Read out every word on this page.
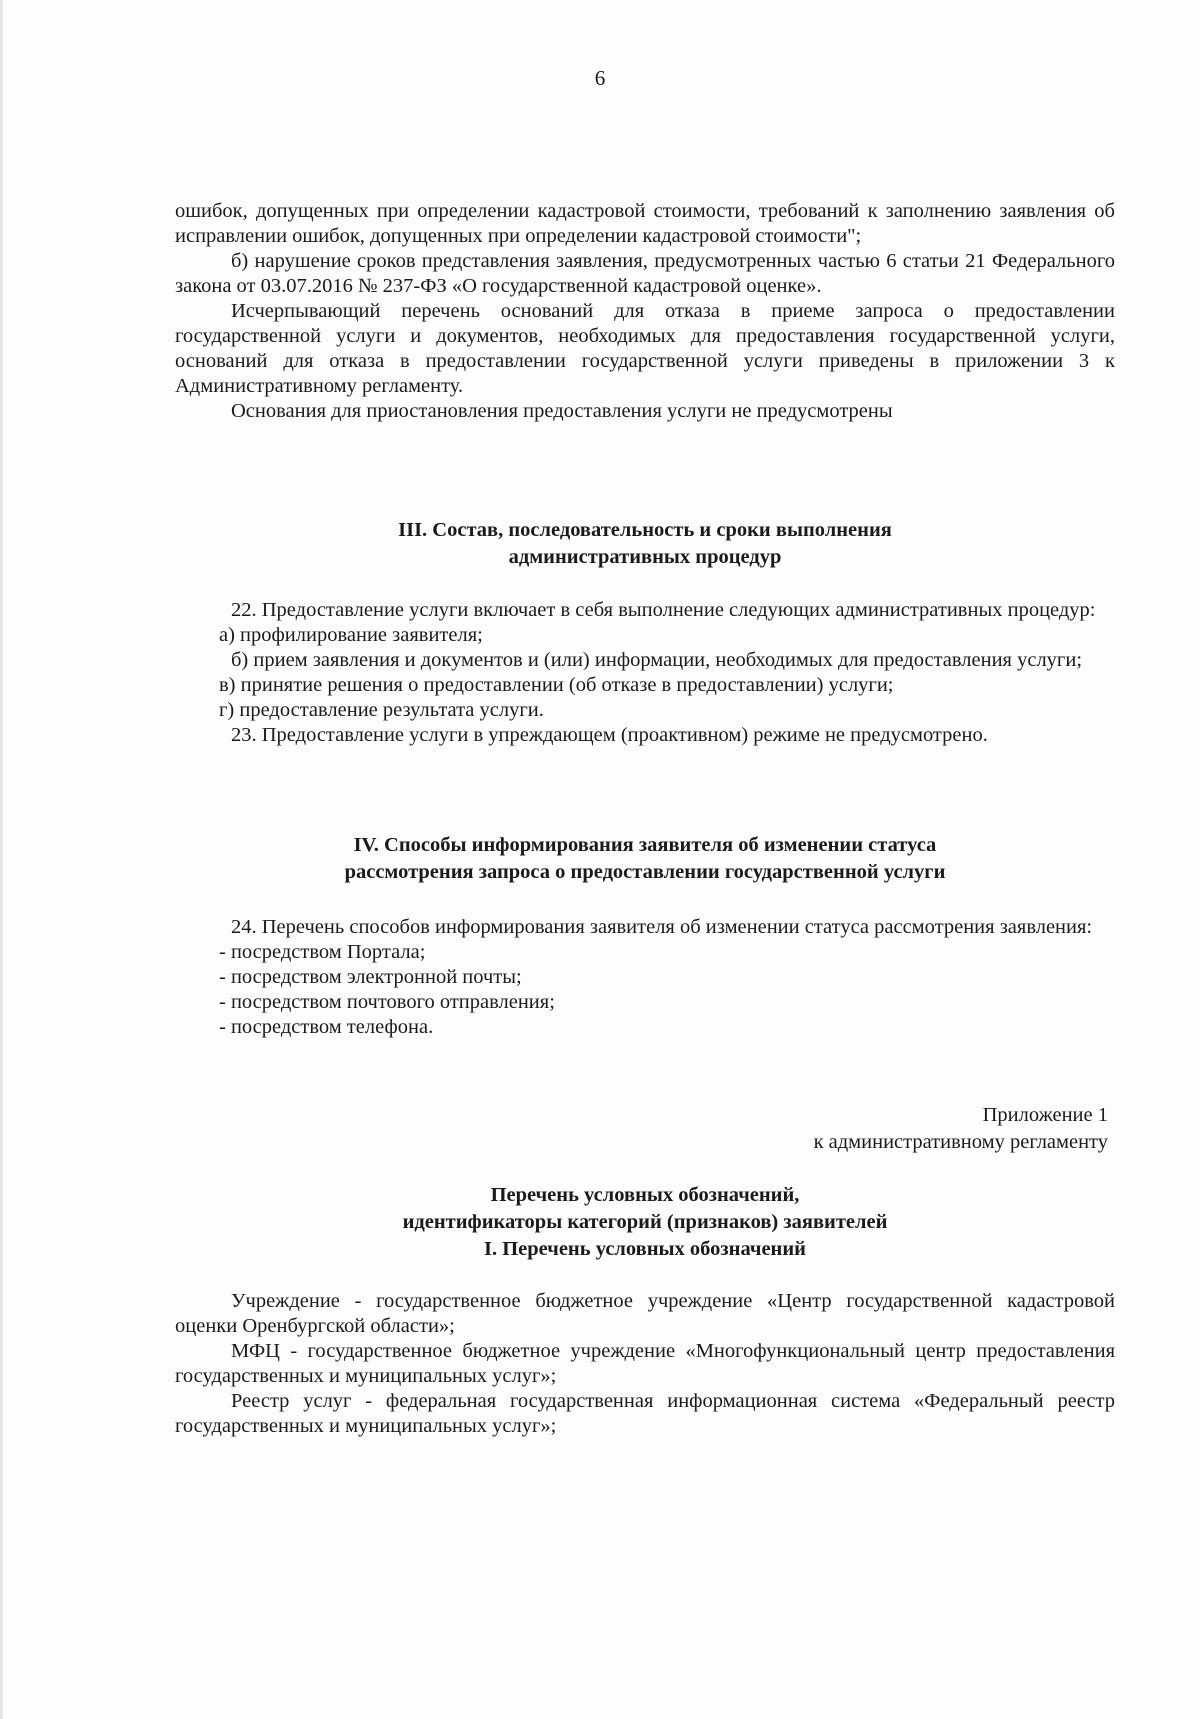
6

ошибок, допущенных при определении кадастровой стоимости, требований к заполнению заявления об исправлении ошибок, допущенных при определении кадастровой стоимости";

б) нарушение сроков представления заявления, предусмотренных частью 6 статьи 21 Федерального закона от 03.07.2016 № 237-ФЗ «О государственной кадастровой оценке».

Исчерпывающий перечень оснований для отказа в приеме запроса о предоставлении государственной услуги и документов, необходимых для предоставления государственной услуги, оснований для отказа в предоставлении государственной услуги приведены в приложении 3 к Административному регламенту.

Основания для приостановления предоставления услуги не предусмотрены

III. Состав, последовательность и сроки выполнения
административных процедур

22. Предоставление услуги включает в себя выполнение следующих административных процедур:

а) профилирование заявителя;

б) прием заявления и документов и (или) информации, необходимых для предоставления услуги;

в) принятие решения о предоставлении (об отказе в предоставлении) услуги;

г) предоставление результата услуги.

23. Предоставление услуги в упреждающем (проактивном) режиме не предусмотрено.

IV. Способы информирования заявителя об изменении статуса
рассмотрения запроса о предоставлении государственной услуги

24. Перечень способов информирования заявителя об изменении статуса рассмотрения заявления:

- посредством Портала;

- посредством электронной почты;

- посредством почтового отправления;

- посредством телефона.

Приложение 1
к административному регламенту
Перечень условных обозначений,
идентификаторы категорий (признаков) заявителей
I. Перечень условных обозначений

Учреждение - государственное бюджетное учреждение «Центр государственной кадастровой оценки Оренбургской области»;

МФЦ - государственное бюджетное учреждение «Многофункциональный центр предоставления государственных и муниципальных услуг»;

Реестр услуг - федеральная государственная информационная система «Федеральный реестр государственных и муниципальных услуг»;
